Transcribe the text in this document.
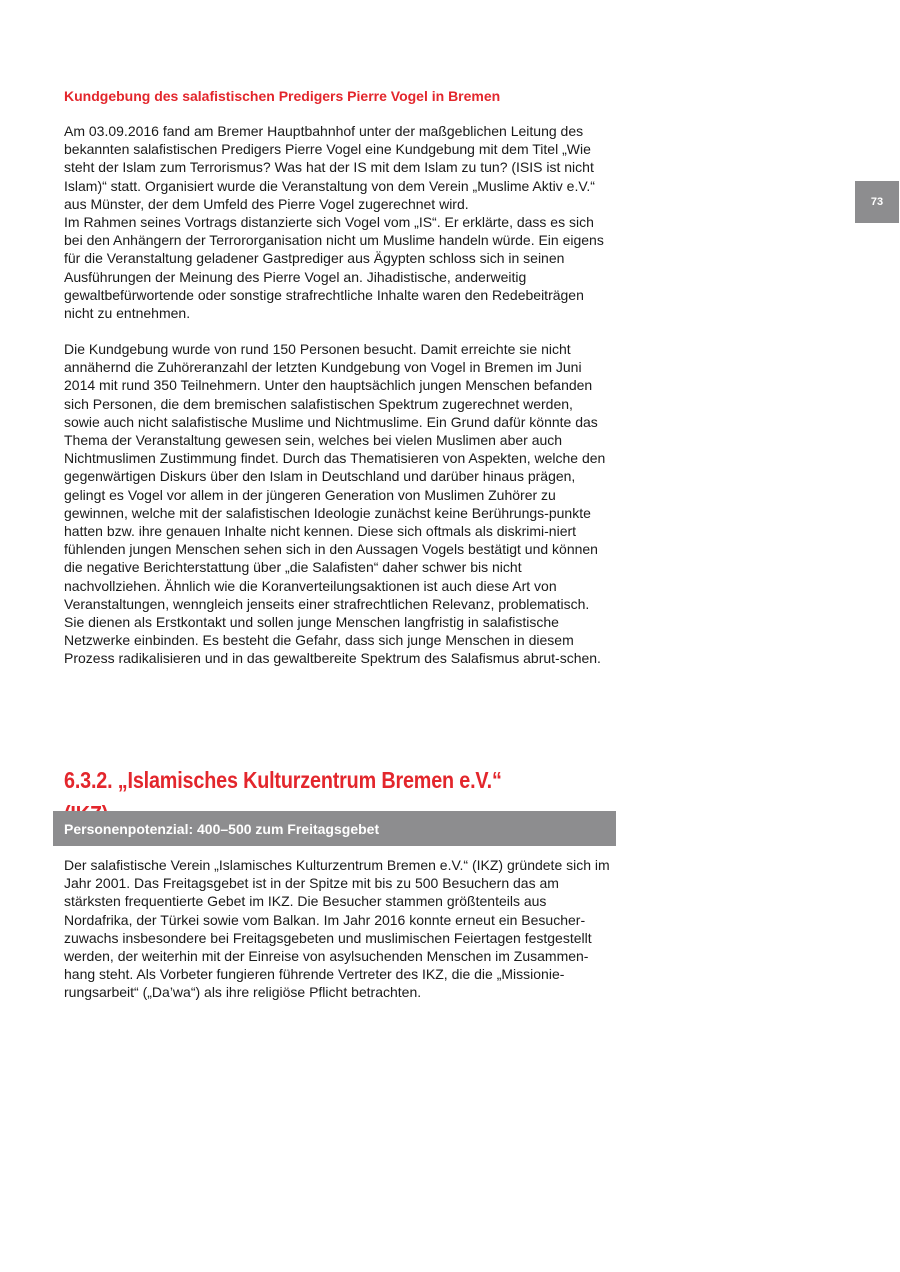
73
Kundgebung des salafistischen Predigers Pierre Vogel in Bremen

Am 03.09.2016 fand am Bremer Hauptbahnhof unter der maßgeblichen Leitung des bekannten salafistischen Predigers Pierre Vogel eine Kundgebung mit dem Titel „Wie steht der Islam zum Terrorismus? Was hat der IS mit dem Islam zu tun? (ISIS ist nicht Islam)“ statt. Organisiert wurde die Veranstaltung von dem Verein „Muslime Aktiv e.V.“ aus Münster, der dem Umfeld des Pierre Vogel zugerechnet wird.

Im Rahmen seines Vortrags distanzierte sich Vogel vom „IS“. Er erklärte, dass es sich bei den Anhängern der Terrororganisation nicht um Muslime handeln würde. Ein eigens für die Veranstaltung geladener Gastprediger aus Ägypten schloss sich in seinen Ausführungen der Meinung des Pierre Vogel an. Jihadistische, anderweitig gewaltbefürwortende oder sonstige strafrechtliche Inhalte waren den Redebeiträgen nicht zu entnehmen.

Die Kundgebung wurde von rund 150 Personen besucht. Damit erreichte sie nicht annähernd die Zuhöreranzahl der letzten Kundgebung von Vogel in Bremen im Juni 2014 mit rund 350 Teilnehmern. Unter den hauptsächlich jungen Menschen befanden sich Personen, die dem bremischen salafistischen Spektrum zugerechnet werden, sowie auch nicht salafistische Muslime und Nichtmuslime. Ein Grund dafür könnte das Thema der Veranstaltung gewesen sein, welches bei vielen Muslimen aber auch Nichtmuslimen Zustimmung findet. Durch das Thematisieren von Aspekten, welche den gegenwärtigen Diskurs über den Islam in Deutschland und darüber hinaus prägen, gelingt es Vogel vor allem in der jüngeren Generation von Muslimen Zuhörer zu gewinnen, welche mit der salafistischen Ideologie zunächst keine Berührungs-punkte hatten bzw. ihre genauen Inhalte nicht kennen. Diese sich oftmals als diskrimi-niert fühlenden jungen Menschen sehen sich in den Aussagen Vogels bestätigt und können die negative Berichterstattung über „die Salafisten“ daher schwer bis nicht nachvollziehen. Ähnlich wie die Koranverteilungsaktionen ist auch diese Art von Veranstaltungen, wenngleich jenseits einer strafrechtlichen Relevanz, problematisch. Sie dienen als Erstkontakt und sollen junge Menschen langfristig in salafistische Netzwerke einbinden. Es besteht die Gefahr, dass sich junge Menschen in diesem Prozess radikalisieren und in das gewaltbereite Spektrum des Salafismus abrut-schen.

6.3.2. „Islamisches Kulturzentrum Bremen e.V.“
Personenpotenzial: 400–500 zum Freitagsgebet

Der salafistische Verein „Islamisches Kulturzentrum Bremen e.V.“ (IKZ) gründete sich im Jahr 2001. Das Freitagsgebet ist in der Spitze mit bis zu 500 Besuchern das am stärksten frequentierte Gebet im IKZ. Die Besucher stammen größtenteils aus Nordafrika, der Türkei sowie vom Balkan. Im Jahr 2016 konnte erneut ein Besucher-zuwachs insbesondere bei Freitagsgebeten und muslimischen Feiertagen festgestellt werden, der weiterhin mit der Einreise von asylsuchenden Menschen im Zusammen-hang steht. Als Vorbeter fungieren führende Vertreter des IKZ, die die „Missionie-rungsarbeit“ („Da’wa“) als ihre religiöse Pflicht betrachten.
